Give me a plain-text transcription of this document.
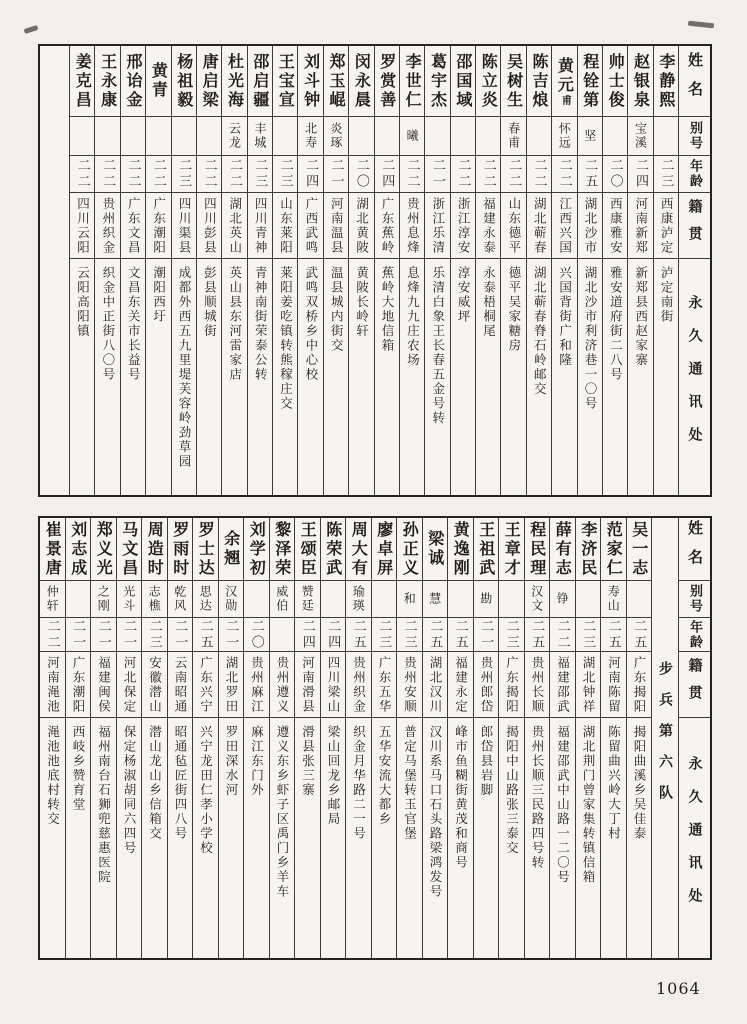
姓名
别号
年龄
籍贯
永久通讯处
李静熙
二三
西康泸定
泸定南街
赵银泉
宝溪
二四
河南新郑
新郑县西赵家寨
帅士俊
二〇
西康雅安
雅安道府街二八号
程铨第
坚
二五
湖北沙市
湖北沙市利济巷一〇号
黄元甫
怀远
二二
江西兴国
兴国背街广和隆
陈吉烺
二二
湖北蕲春
湖北蕲春脊石岭邮交
吴树生
春甫
二二
山东德平
德平吴家糖房
陈立炎
二二
福建永泰
永泰梧桐尾
邵国域
二二
浙江淳安
淳安威坪
葛宇杰
二一
浙江乐清
乐清白象王长春五金号转
李世仁
曦
二二
贵州息烽
息烽九九庄农场
罗赏善
二四
广东蕉岭
蕉岭大地信箱
闵永晨
二〇
湖北黄陂
黄陂长岭轩
郑玉崐
炎琢
二一
河南温县
温县城内街交
刘斗钟
北寿
二四
广西武鸣
武鸣双桥乡中心校
王宝宣
二三
山东莱阳
莱阳姜吃镇转熊稼庄交
邵启疆
丰城
二三
四川青神
青神南街荣泰公转
杜光海
云龙
二二
湖北英山
英山县东河雷家店
唐启梁
二二
四川彭县
彭县顺城街
杨祖毅
二三
四川渠县
成都外西五九里堤芙容岭劲草园
黄青
二二
广东潮阳
潮阳西圩
邢诒金
二二
广东文昌
文昌东关市长益号
王永康
二二
贵州织金
织金中正街八〇号
姜克昌
二二
四川云阳
云阳高阳镇
姓名
别号
年龄
籍贯
永久通讯处
步兵第六队
吴一志
二五
广东揭阳
揭阳曲溪乡吴佳泰
范家仁
寿山
二五
河南陈留
陈留曲兴岭大丁村
李济民
二三
湖北钟祥
湖北荆门曾家集转镇信箱
薛有志
铮
二二
福建邵武
福建邵武中山路一二〇号
程民理
汉文
二五
贵州长顺
贵州长顺三民路四号转
王章才
二三
广东揭阳
揭阳中山路张三泰交
王祖武
勘
二一
贵州郎岱
郎岱县岩脚
黄逸刚
二五
福建永定
峰市鱼糊街黄茂和商号
梁诚
慧
二五
湖北汉川
汉川系马口石头路梁鸿发号
孙正义
和
二三
贵州安顺
普定马堡转玉官堡
廖卓屏
二三
广东五华
五华安流大都乡
周大有
瑜瑛
二五
贵州织金
织金月华路二一号
陈荣武
二四
四川梁山
梁山回龙乡邮局
王颂臣
赞廷
二四
河南滑县
滑县张三寨
黎泽荣
威伯
贵州遵义
遵义东乡虾子区禹门乡羊车
刘学初
二〇
贵州麻江
麻江东门外
余翘
汉勋
二一
湖北罗田
罗田深水河
罗士达
思达
二五
广东兴宁
兴宁龙田仁孝小学校
罗雨时
乾风
二一
云南昭通
昭通毡匠街四八号
周造时
志樵
二三
安徽潜山
潜山龙山乡信箱交
马文昌
光斗
二一
河北保定
保定杨淑胡同六四号
郑义光
之刚
二一
福建闽侯
福州南台石狮兜慈惠医院
刘志成
二一
广东潮阳
西岐乡赞育堂
崔景唐
仲轩
二二
河南渑池
渑池池底村转交
1064
